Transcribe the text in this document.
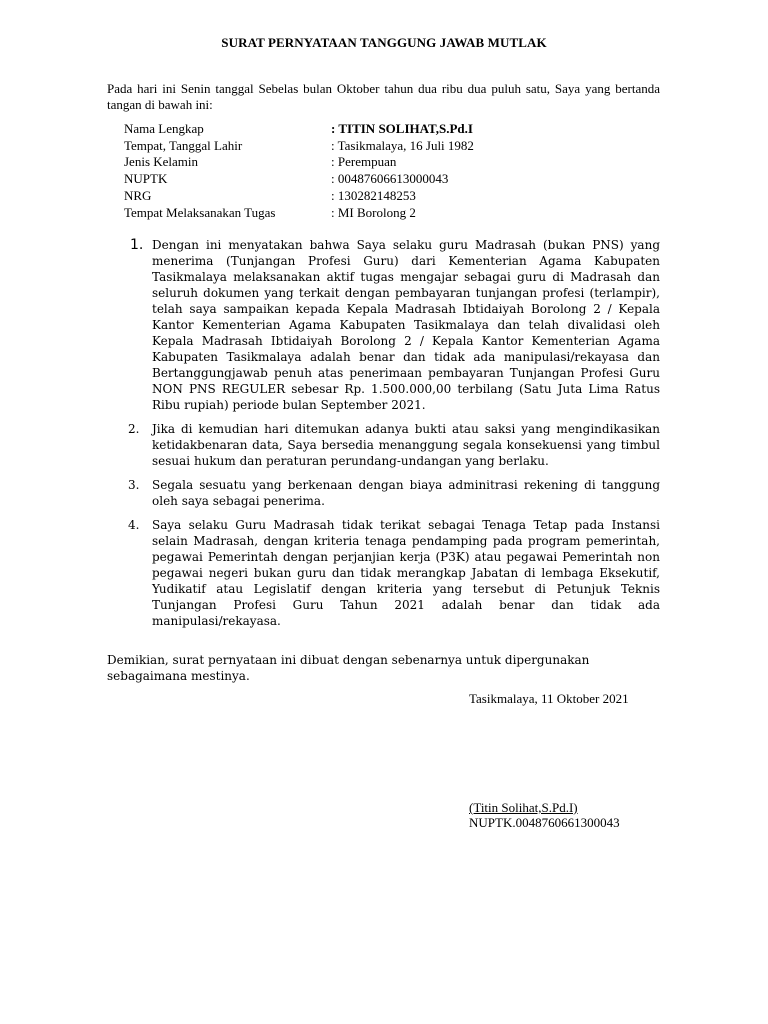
SURAT PERNYATAAN TANGGUNG JAWAB MUTLAK

Pada hari ini Senin tanggal Sebelas bulan Oktober tahun dua ribu dua puluh satu, Saya yang bertanda tangan di bawah ini:

Nama Lengkap	: TITIN SOLIHAT,S.Pd.I
Tempat, Tanggal Lahir	: Tasikmalaya, 16 Juli 1982
Jenis Kelamin	: Perempuan
NUPTK	: 00487606613000043
NRG	: 130282148253
Tempat Melaksanakan Tugas	: MI Borolong 2
1. Dengan ini menyatakan bahwa Saya selaku guru Madrasah (bukan PNS) yang menerima (Tunjangan Profesi Guru) dari Kementerian Agama Kabupaten Tasikmalaya melaksanakan aktif tugas mengajar sebagai guru di Madrasah dan seluruh dokumen yang terkait dengan pembayaran tunjangan profesi (terlampir), telah saya sampaikan kepada Kepala Madrasah Ibtidaiyah Borolong 2 / Kepala Kantor Kementerian Agama Kabupaten Tasikmalaya dan telah divalidasi oleh Kepala Madrasah Ibtidaiyah Borolong 2 / Kepala Kantor Kementerian Agama Kabupaten Tasikmalaya adalah benar dan tidak ada manipulasi/rekayasa dan Bertanggungjawab penuh atas penerimaan pembayaran Tunjangan Profesi Guru NON PNS REGULER sebesar Rp. 1.500.000,00 terbilang (Satu Juta Lima Ratus Ribu rupiah) periode bulan September 2021.
2. Jika di kemudian hari ditemukan adanya bukti atau saksi yang mengindikasikan ketidakbenaran data, Saya bersedia menanggung segala konsekuensi yang timbul sesuai hukum dan peraturan perundang-undangan yang berlaku.
3. Segala sesuatu yang berkenaan dengan biaya adminitrasi rekening di tanggung oleh saya sebagai penerima.
4. Saya selaku Guru Madrasah tidak terikat sebagai Tenaga Tetap pada Instansi selain Madrasah, dengan kriteria tenaga pendamping pada program pemerintah, pegawai Pemerintah dengan perjanjian kerja (P3K) atau pegawai Pemerintah non pegawai negeri bukan guru dan tidak merangkap Jabatan di lembaga Eksekutif, Yudikatif atau Legislatif dengan kriteria yang tersebut di Petunjuk Teknis Tunjangan Profesi Guru Tahun 2021 adalah benar dan tidak ada manipulasi/rekayasa.

Demikian, surat pernyataan ini dibuat dengan sebenarnya untuk dipergunakan sebagaimana mestinya.

Tasikmalaya, 11 Oktober 2021
(Titin Solihat,S.Pd.I)
NUPTK.0048760661300043
